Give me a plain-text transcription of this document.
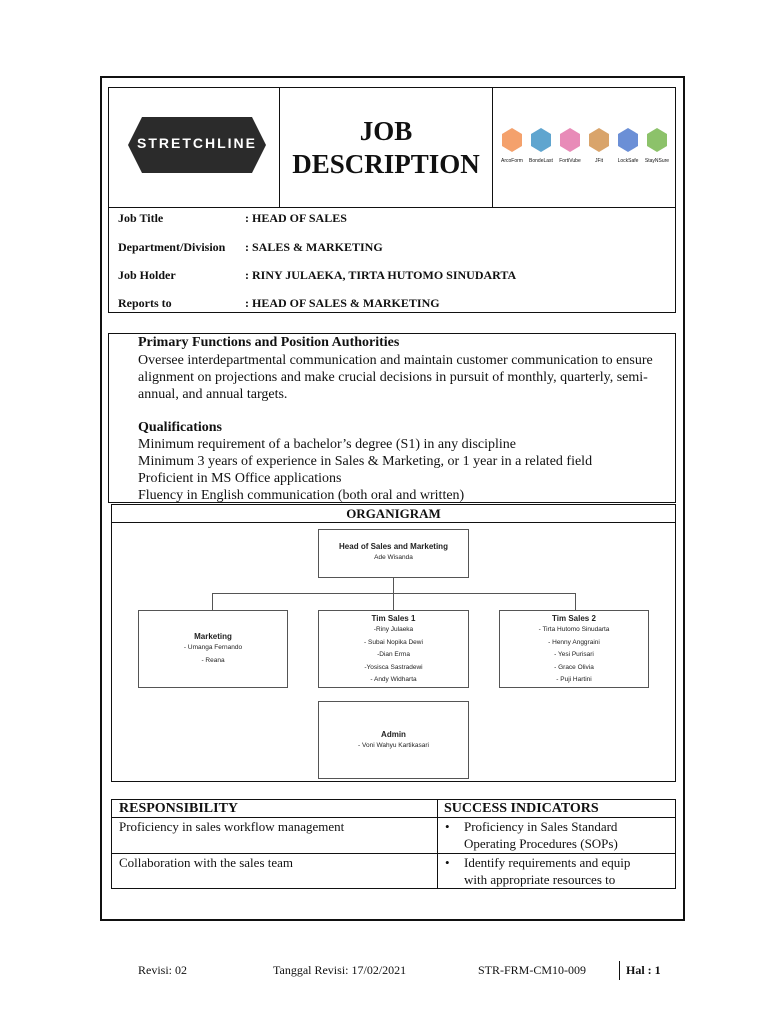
STRETCHLINE	JOB
DESCRIPTION	ArcoForm	BondeLast	FortiVube	JFit	LockSafe	StayNSure
Job Title	: HEAD OF SALES
Department/Division : SALES & MARKETING
Job Holder	: RINY JULAEKA, TIRTA HUTOMO SINUDARTA
Reports to	: HEAD OF SALES & MARKETING
Primary Functions and Position Authorities
Oversee interdepartmental communication and maintain customer communication to ensure
alignment on projections and make crucial decisions in pursuit of monthly, quarterly, semi-
annual, and annual targets.
Qualifications
Minimum requirement of a bachelor’s degree (S1) in any discipline
Minimum 3 years of experience in Sales & Marketing, or 1 year in a related field
Proficient in MS Office applications
Fluency in English communication (both oral and written)
ORGANIGRAM
Head of Sales and Marketing
Ade Wisanda
Marketing
- Umanga Fernando
- Reana
Tim Sales 1
-Riny Julaeka
- Subai Nopika Dewi
-Dian Erma
-Yosisca Sastradewi
- Andy Widharta
Tim Sales 2
- Tirta Hutomo Sinudarta
- Henny Anggraini
- Yesi Purisari
- Grace Olivia
- Puji Hartini
Admin
- Voni Wahyu Kartikasari
RESPONSIBILITY	SUCCESS INDICATORS
Proficiency in sales workflow management	• Proficiency in Sales Standard
Operating Procedures (SOPs)
Collaboration with the sales team	• Identify requirements and equip
with appropriate resources to
Revisi: 02	Tanggal Revisi: 17/02/2021	STR-FRM-CM10-009	Hal : 1
